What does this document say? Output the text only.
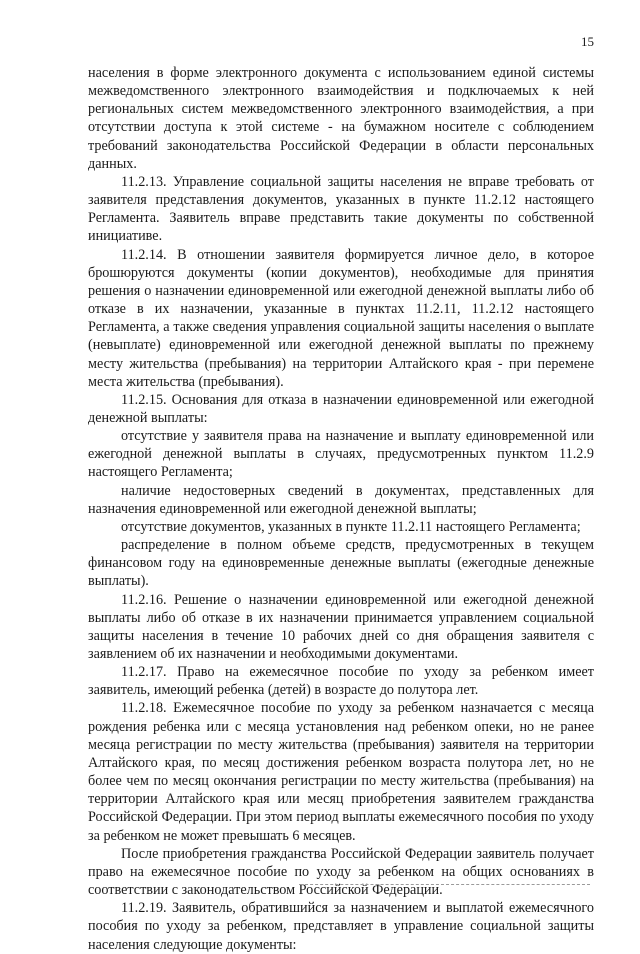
15

населения в форме электронного документа с использованием единой системы межведомственного электронного взаимодействия и подключаемых к ней региональных систем межведомственного электронного взаимодействия, а при отсутствии доступа к этой системе - на бумажном носителе с соблюдением требований законодательства Российской Федерации в области персональных данных.

11.2.13. Управление социальной защиты населения не вправе требовать от заявителя представления документов, указанных в пункте 11.2.12 настоящего Регламента. Заявитель вправе представить такие документы по собственной инициативе.

11.2.14. В отношении заявителя формируется личное дело, в которое брошюруются документы (копии документов), необходимые для принятия решения о назначении единовременной или ежегодной денежной выплаты либо об отказе в их назначении, указанные в пунктах 11.2.11, 11.2.12 настоящего Регламента, а также сведения управления социальной защиты населения о выплате (невыплате) единовременной или ежегодной денежной выплаты по прежнему месту жительства (пребывания) на территории Алтайского края - при перемене места жительства (пребывания).

11.2.15. Основания для отказа в назначении единовременной или ежегодной денежной выплаты:

отсутствие у заявителя права на назначение и выплату единовременной или ежегодной денежной выплаты в случаях, предусмотренных пунктом 11.2.9 настоящего Регламента;

наличие недостоверных сведений в документах, представленных для назначения единовременной или ежегодной денежной выплаты;

отсутствие документов, указанных в пункте 11.2.11 настоящего Регламента;

распределение в полном объеме средств, предусмотренных в текущем финансовом году на единовременные денежные выплаты (ежегодные денежные выплаты).

11.2.16. Решение о назначении единовременной или ежегодной денежной выплаты либо об отказе в их назначении принимается управлением социальной защиты населения в течение 10 рабочих дней со дня обращения заявителя с заявлением об их назначении и необходимыми документами.

11.2.17. Право на ежемесячное пособие по уходу за ребенком имеет заявитель, имеющий ребенка (детей) в возрасте до полутора лет.

11.2.18. Ежемесячное пособие по уходу за ребенком назначается с месяца рождения ребенка или с месяца установления над ребенком опеки, но не ранее месяца регистрации по месту жительства (пребывания) заявителя на территории Алтайского края, по месяц достижения ребенком возраста полутора лет, но не более чем по месяц окончания регистрации по месту жительства (пребывания) на территории Алтайского края или месяц приобретения заявителем гражданства Российской Федерации. При этом период выплаты ежемесячного пособия по уходу за ребенком не может превышать 6 месяцев.

После приобретения гражданства Российской Федерации заявитель получает право на ежемесячное пособие по уходу за ребенком на общих основаниях в соответствии с законодательством Российской Федерации.

11.2.19. Заявитель, обратившийся за назначением и выплатой ежемесячного пособия по уходу за ребенком, представляет в управление социальной защиты населения следующие документы:
